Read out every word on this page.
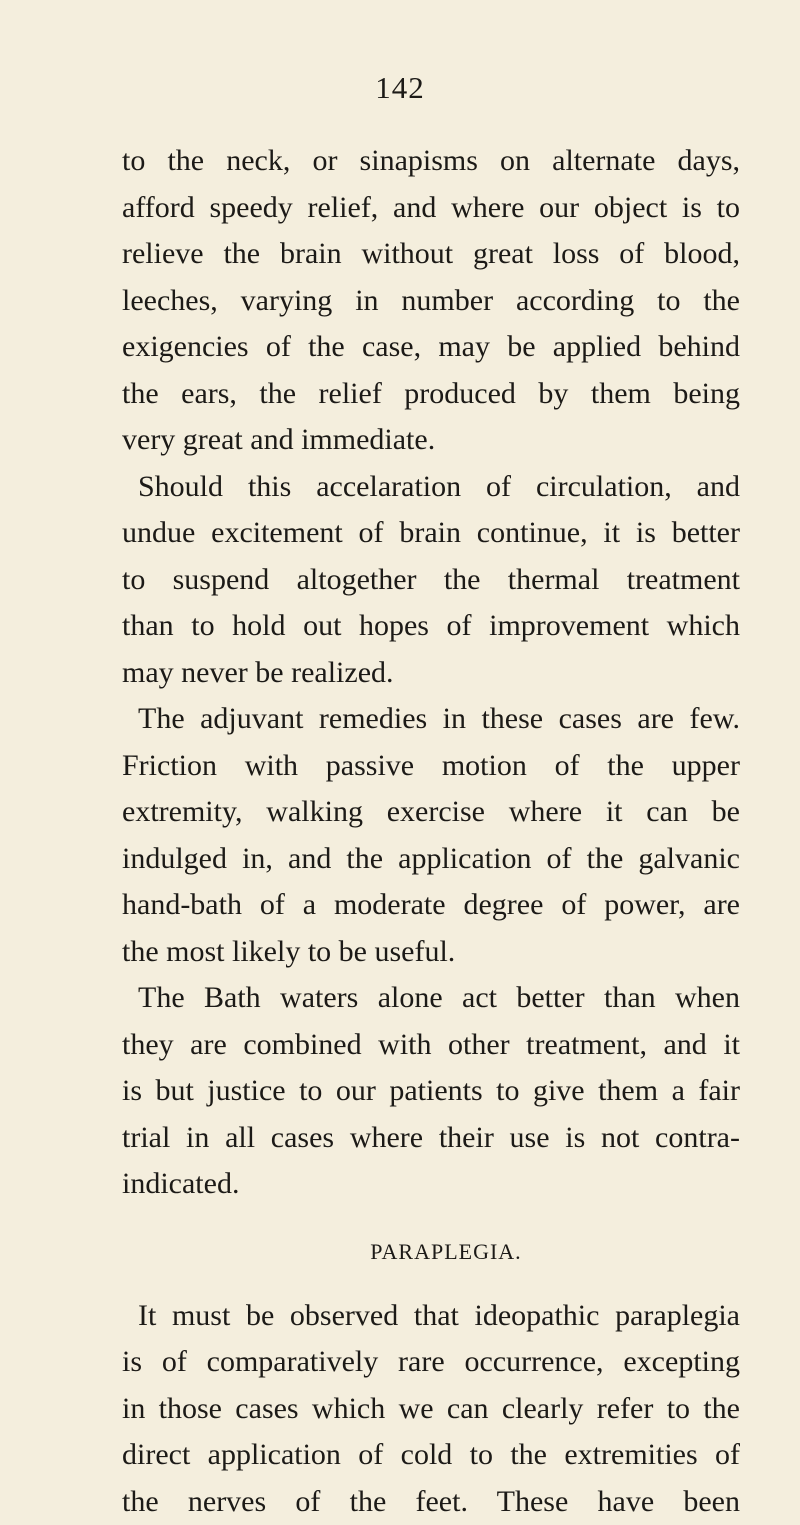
142
to the neck, or sinapisms on alternate days,
afford speedy relief, and where our object is to
relieve the brain without great loss of blood,
leeches, varying in number according to the
exigencies of the case, may be applied behind
the ears, the relief produced by them being
very great and immediate.
Should this accelaration of circulation, and
undue excitement of brain continue, it is better
to suspend altogether the thermal treatment
than to hold out hopes of improvement which
may never be realized.
The adjuvant remedies in these cases are few.
Friction with passive motion of the upper
extremity, walking exercise where it can be
indulged in, and the application of the galvanic
hand-bath of a moderate degree of power, are
the most likely to be useful.
The Bath waters alone act better than when
they are combined with other treatment, and it
is but justice to our patients to give them a fair
trial in all cases where their use is not contra-
indicated.
PARAPLEGIA.
It must be observed that ideopathic paraplegia
is of comparatively rare occurrence, excepting
in those cases which we can clearly refer to the
direct application of cold to the extremities of
the nerves of the feet. These have been
